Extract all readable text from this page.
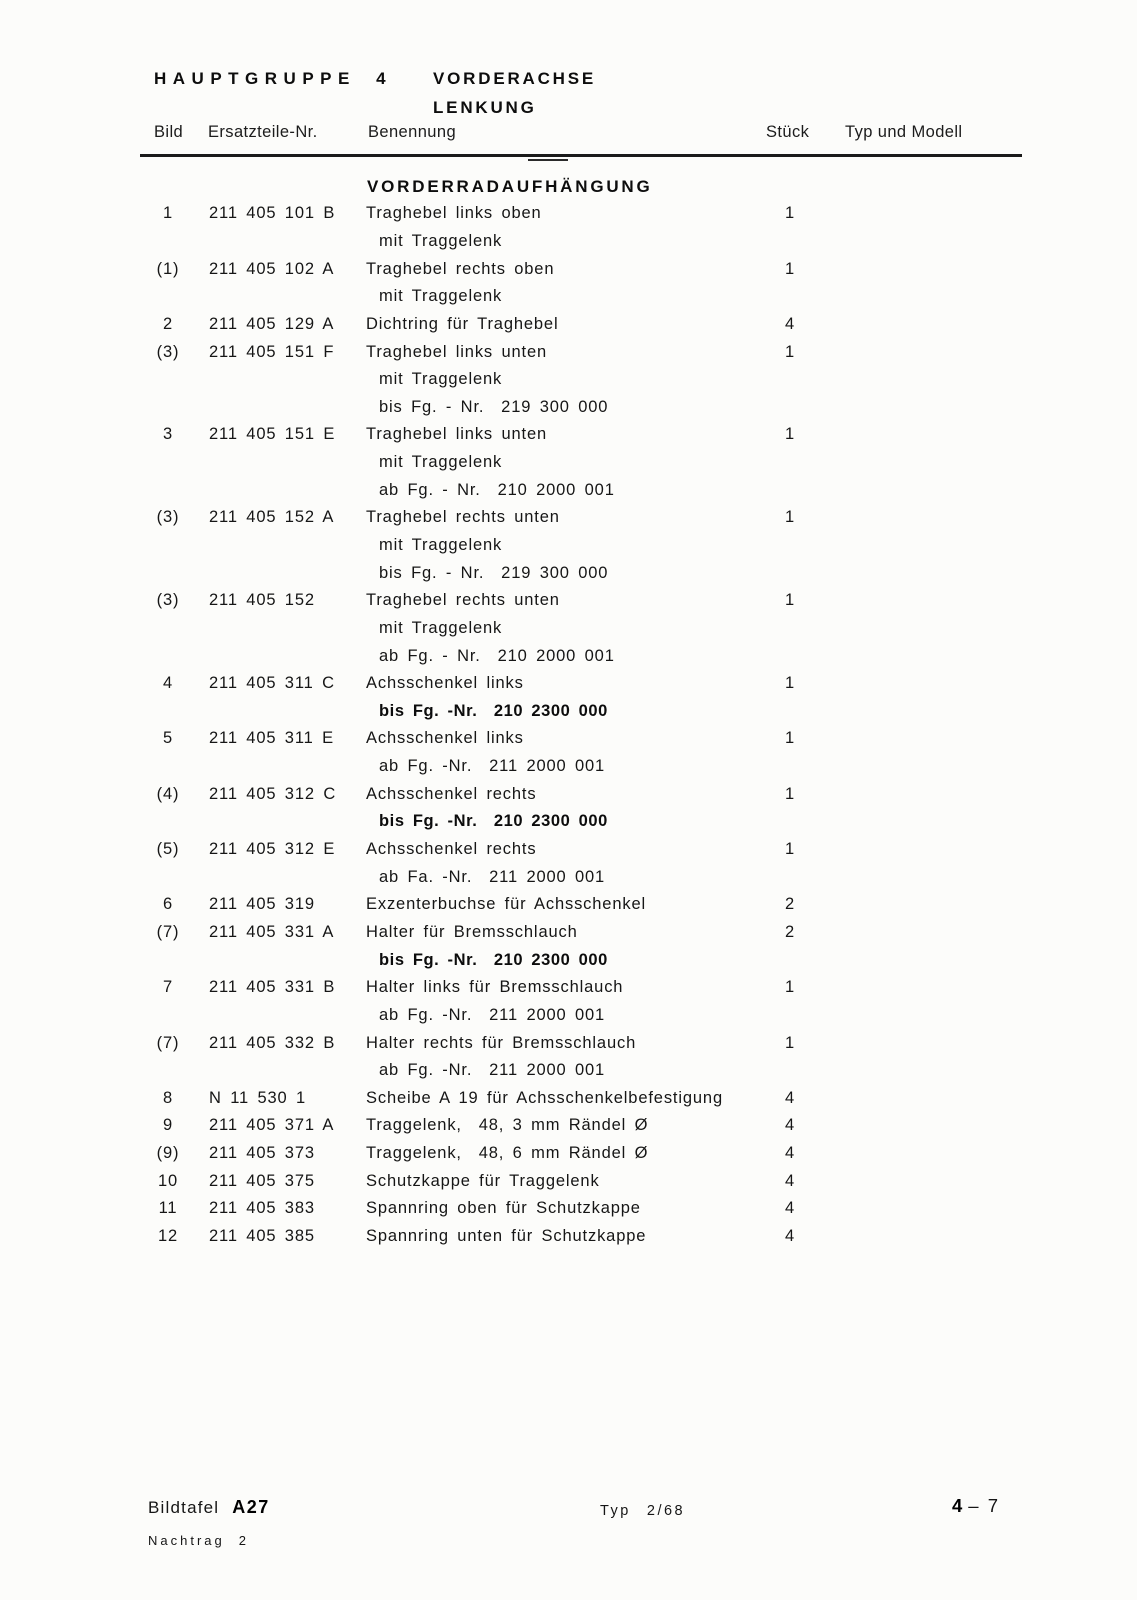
HAUPTGRUPPE 4 VORDERACHSE
LENKUNG
Bild Ersatzteile-Nr.	Benennung	Stück Typ und Modell
VORDERRADAUFHÄNGUNG
1	211 405 101 B	Traghebel links oben	1
mit Traggelenk
(1)	211 405 102 A	Traghebel rechts oben	1
mit Traggelenk
2	211 405 129 A	Dichtring für Traghebel	4
(3)	211 405 151 F	Traghebel links unten	1
mit Traggelenk
bis Fg. - Nr.  219 300 000
3	211 405 151 E	Traghebel links unten	1
mit Traggelenk
ab Fg. - Nr.  210 2000 001
(3)	211 405 152 A	Traghebel rechts unten	1
mit Traggelenk
bis Fg. - Nr.  219 300 000
(3)	211 405 152	Traghebel rechts unten	1
mit Traggelenk
ab Fg. - Nr.  210 2000 001
4	211 405 311 C	Achsschenkel links	1
bis Fg. -Nr.  210 2300 000
5	211 405 311 E	Achsschenkel links	1
ab Fg. -Nr.  211 2000 001
(4)	211 405 312 C	Achsschenkel rechts	1
bis Fg. -Nr.  210 2300 000
(5)	211 405 312 E	Achsschenkel rechts	1
ab Fa. -Nr.  211 2000 001
6	211 405 319	Exzenterbuchse für Achsschenkel	2
(7)	211 405 331 A	Halter für Bremsschlauch	2
bis Fg. -Nr.  210 2300 000
7	211 405 331 B	Halter links für Bremsschlauch	1
ab Fg. -Nr.  211 2000 001
(7)	211 405 332 B	Halter rechts für Bremsschlauch	1
ab Fg. -Nr.  211 2000 001
8	N 11 530 1	Scheibe A 19 für Achsschenkelbefestigung	4
9	211 405 371 A	Traggelenk,  48, 3 mm Rändel Ø	4
(9)	211 405 373	Traggelenk,  48, 6 mm Rändel Ø	4
10	211 405 375	Schutzkappe für Traggelenk	4
11	211 405 383	Spannring oben für Schutzkappe	4
12	211 405 385	Spannring unten für Schutzkappe	4
Bildtafel A27
Nachtrag 2
Typ 2/68	4 – 7
